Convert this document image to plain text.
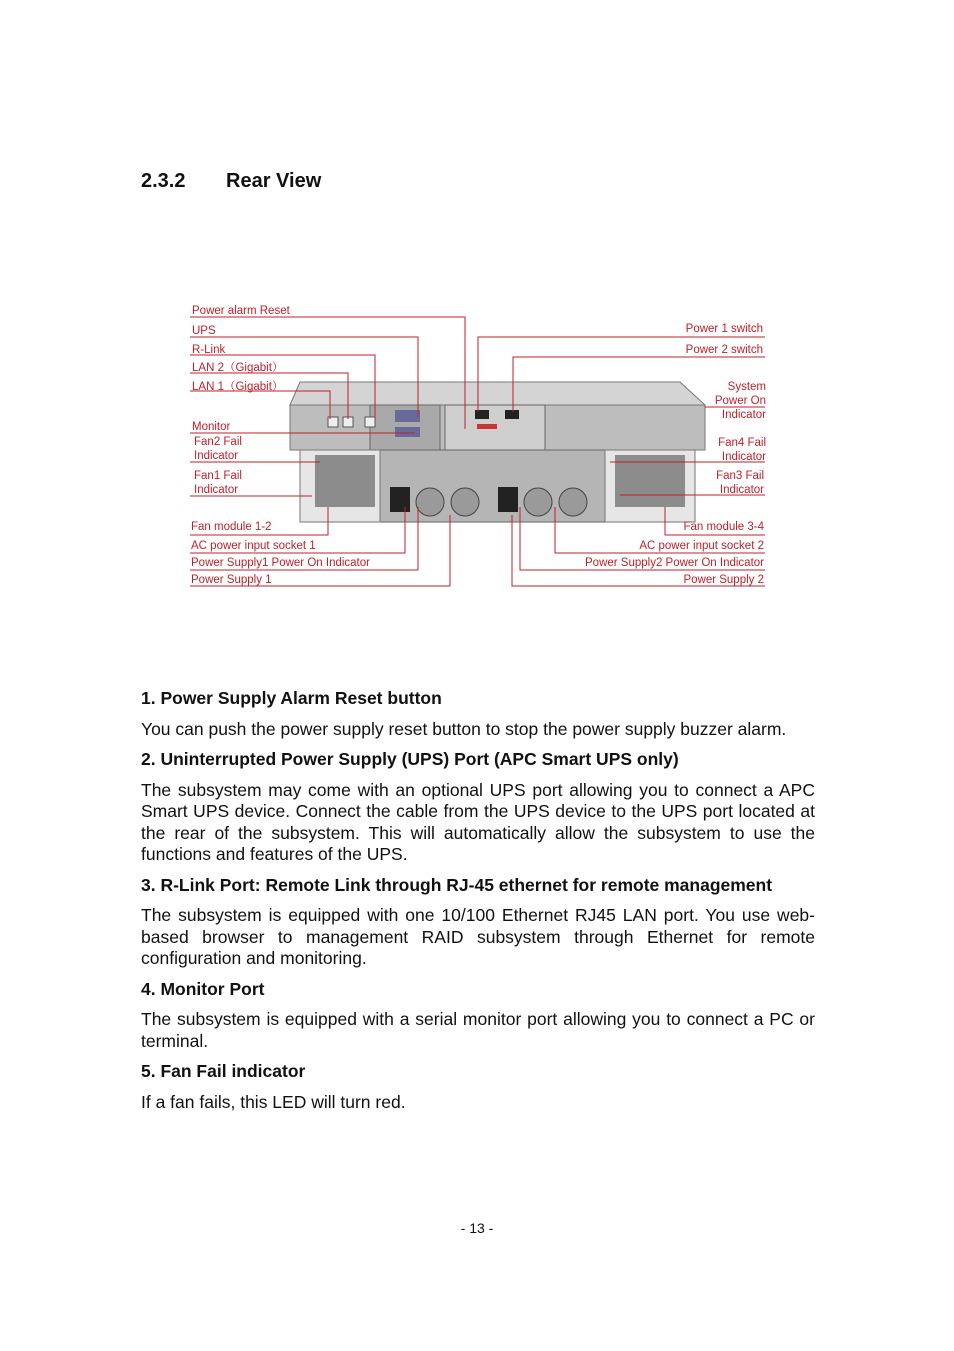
2.3.2 Rear View
Power alarm Reset
UPS
R-Link
LAN 2（Gigabit）
LAN 1（Gigabit）
Monitor
Fan2 Fail
Indicator
Fan1 Fail
Indicator
Fan module 1-2
AC power input socket 1
Power Supply1 Power On Indicator
Power Supply 1
Power 1 switch
Power 2 switch
System
Power On
Indicator
Fan4 Fail
Indicator
Fan3 Fail
Indicator
Fan module 3-4
AC power input socket 2
Power Supply2 Power On Indicator
Power Supply 2
1. Power Supply Alarm Reset button

You can push the power supply reset button to stop the power supply buzzer alarm.

2. Uninterrupted Power Supply (UPS) Port (APC Smart UPS only)

The subsystem may come with an optional UPS port allowing you to connect a APC Smart UPS device. Connect the cable from the UPS device to the UPS port located at the rear of the subsystem. This will automatically allow the subsystem to use the functions and features of the UPS.

3. R-Link Port: Remote Link through RJ-45 ethernet for remote management

The subsystem is equipped with one 10/100 Ethernet RJ45 LAN port. You use web-based browser to management RAID subsystem through Ethernet for remote configuration and monitoring.

4. Monitor Port

The subsystem is equipped with a serial monitor port allowing you to connect a PC or terminal.

5. Fan Fail indicator

If a fan fails, this LED will turn red.

- 13 -
